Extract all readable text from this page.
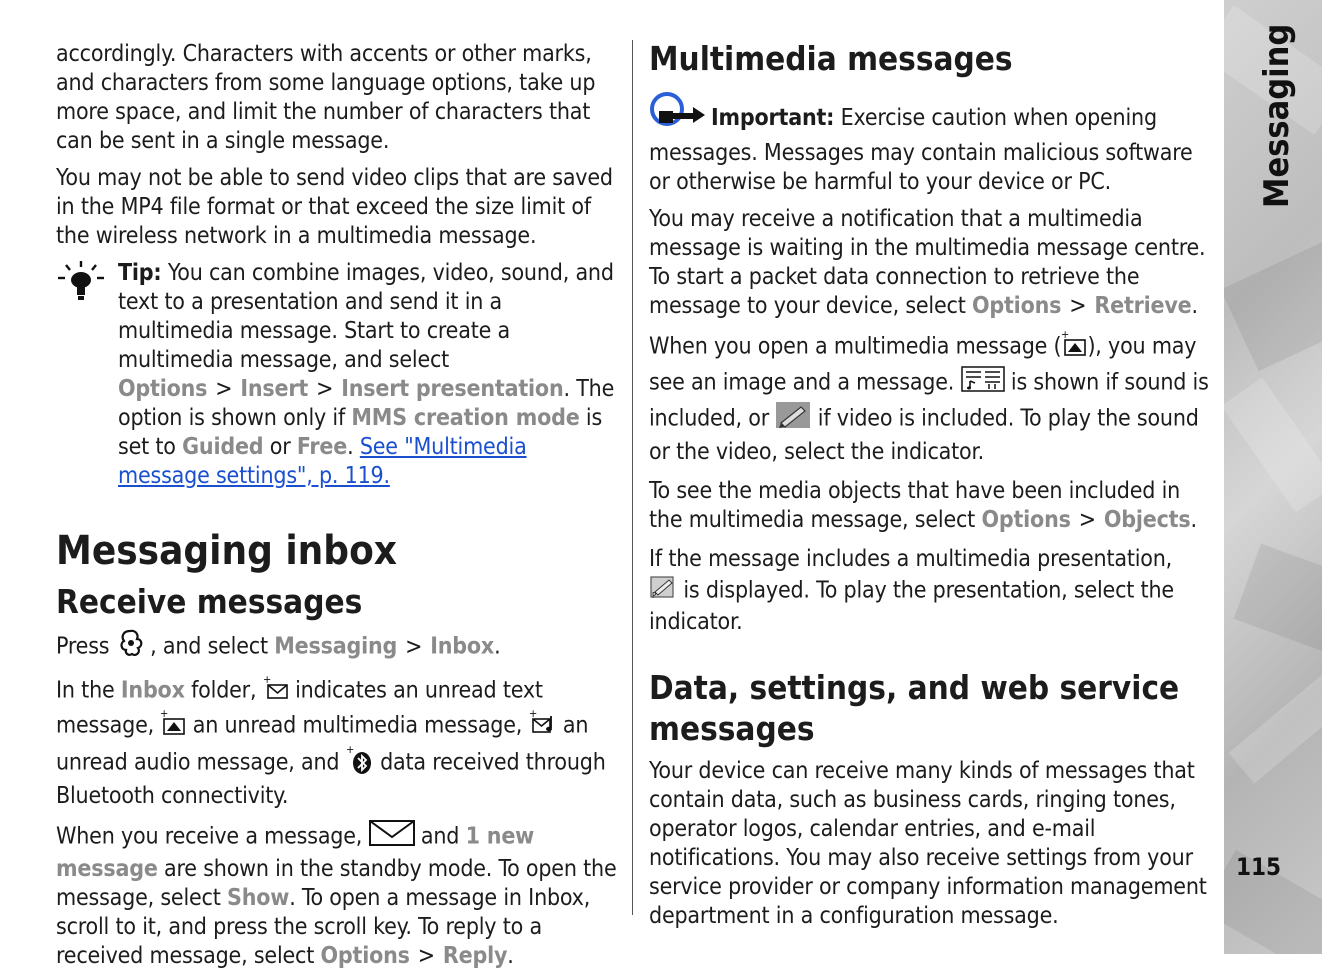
Messaging
115

accordingly. Characters with accents or other marks, and characters from some language options, take up more space, and limit the number of characters that can be sent in a single message.

You may not be able to send video clips that are saved in the MP4 file format or that exceed the size limit of the wireless network in a multimedia message.

Tip: You can combine images, video, sound, and text to a presentation and send it in a multimedia message. Start to create a multimedia message, and select Options > Insert > Insert presentation. The option is shown only if MMS creation mode is set to Guided or Free. See "Multimedia message settings", p. 119.

Messaging inbox
Receive messages

Press  , and select Messaging > Inbox.

In the Inbox folder, + indicates an unread text message, + an unread multimedia message, + an unread audio message, and + data received through Bluetooth connectivity.

When you receive a message,  and 1 new message are shown in the standby mode. To open the message, select Show. To open a message in Inbox, scroll to it, and press the scroll key. To reply to a received message, select Options > Reply.

Multimedia messages

Important: Exercise caution when opening messages. Messages may contain malicious software or otherwise be harmful to your device or PC.

You may receive a notification that a multimedia message is waiting in the multimedia message centre. To start a packet data connection to retrieve the message to your device, select Options > Retrieve.

When you open a multimedia message ( + ), you may see an image and a message.  is shown if sound is included, or  if video is included. To play the sound or the video, select the indicator.

To see the media objects that have been included in the multimedia message, select Options > Objects.

If the message includes a multimedia presentation,

P is displayed. To play the presentation, select the indicator.

Data, settings, and web service messages

Your device can receive many kinds of messages that contain data, such as business cards, ringing tones, operator logos, calendar entries, and e-mail notifications. You may also receive settings from your service provider or company information management department in a configuration message.
